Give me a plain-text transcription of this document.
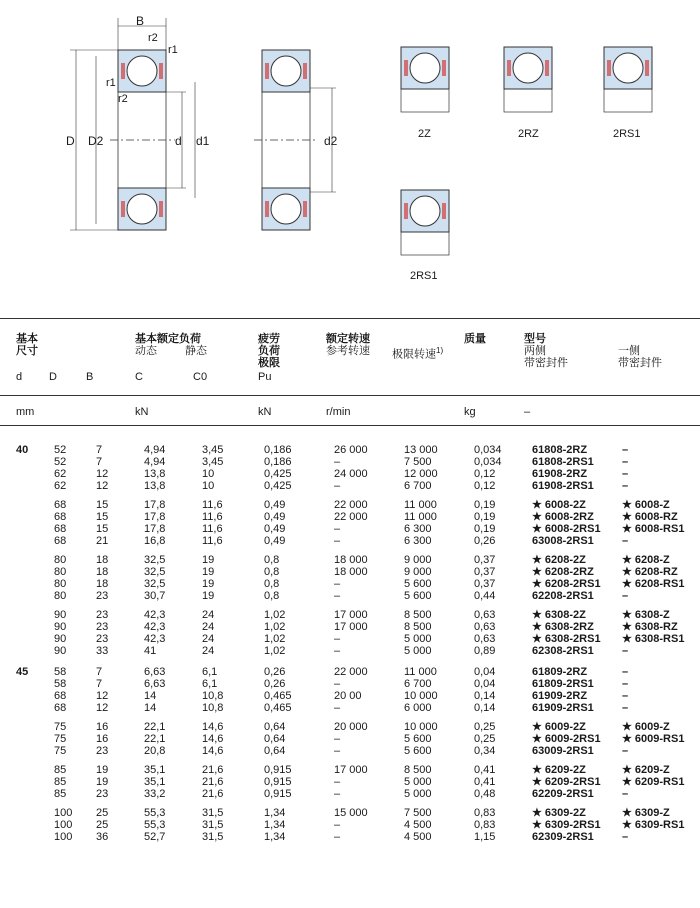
B
r2
r1
r1
r2
D D2	d d1	d2	2Z	2RZ	2RS1
2RS1
基本
尺寸
基本额定负荷
动态	静态
疲劳
负荷
极限
额定转速
参考转速 极限转速$^{1)}$
质量	型号
两侧
带密封件
一侧
带密封件
d D	B	C	C0	Pu
mm	kN	kN	r/min	kg	–
40	52	7	4,94	3,45	0,186	26 000	13 000	0,034	61808-2RZ	–
	52	7	4,94	3,45	0,186	–	7 500	0,034	61808-2RS1	–
	62	12	13,8	10	0,425	24 000	12 000	0,12	61908-2RZ	–
	62	12	13,8	10	0,425	–	6 700	0,12	61908-2RS1	–
	68	15	17,8	11,6	0,49	22 000	11 000	0,19	★ 6008-2Z	★ 6008-Z
	68	15	17,8	11,6	0,49	22 000	11 000	0,19	★ 6008-2RZ	★ 6008-RZ
	68	15	17,8	11,6	0,49	–	6 300	0,19	★ 6008-2RS1	★ 6008-RS1
	68	21	16,8	11,6	0,49	–	6 300	0,26	63008-2RS1	–
	80	18	32,5	19	0,8	18 000	9 000	0,37	★ 6208-2Z	★ 6208-Z
	80	18	32,5	19	0,8	18 000	9 000	0,37	★ 6208-2RZ	★ 6208-RZ
	80	18	32,5	19	0,8	–	5 600	0,37	★ 6208-2RS1	★ 6208-RS1
	80	23	30,7	19	0,8	–	5 600	0,44	62208-2RS1	–
	90	23	42,3	24	1,02	17 000	8 500	0,63	★ 6308-2Z	★ 6308-Z
	90	23	42,3	24	1,02	17 000	8 500	0,63	★ 6308-2RZ	★ 6308-RZ
	90	23	42,3	24	1,02	–	5 000	0,63	★ 6308-2RS1	★ 6308-RS1
	90	33	41	24	1,02	–	5 000	0,89	62308-2RS1	–
45	58	7	6,63	6,1	0,26	22 000	11 000	0,04	61809-2RZ	–
	58	7	6,63	6,1	0,26	–	6 700	0,04	61809-2RS1	–
	68	12	14	10,8	0,465	20 00	10 000	0,14	61909-2RZ	–
	68	12	14	10,8	0,465	–	6 000	0,14	61909-2RS1	–
	75	16	22,1	14,6	0,64	20 000	10 000	0,25	★ 6009-2Z	★ 6009-Z
	75	16	22,1	14,6	0,64	–	5 600	0,25	★ 6009-2RS1	★ 6009-RS1
	75	23	20,8	14,6	0,64	–	5 600	0,34	63009-2RS1	–
	85	19	35,1	21,6	0,915	17 000	8 500	0,41	★ 6209-2Z	★ 6209-Z
	85	19	35,1	21,6	0,915	–	5 000	0,41	★ 6209-2RS1	★ 6209-RS1
	85	23	33,2	21,6	0,915	–	5 000	0,48	62209-2RS1	–
	100	25	55,3	31,5	1,34	15 000	7 500	0,83	★ 6309-2Z	★ 6309-Z
	100	25	55,3	31,5	1,34	–	4 500	0,83	★ 6309-2RS1	★ 6309-RS1
	100	36	52,7	31,5	1,34	–	4 500	1,15	62309-2RS1	–
